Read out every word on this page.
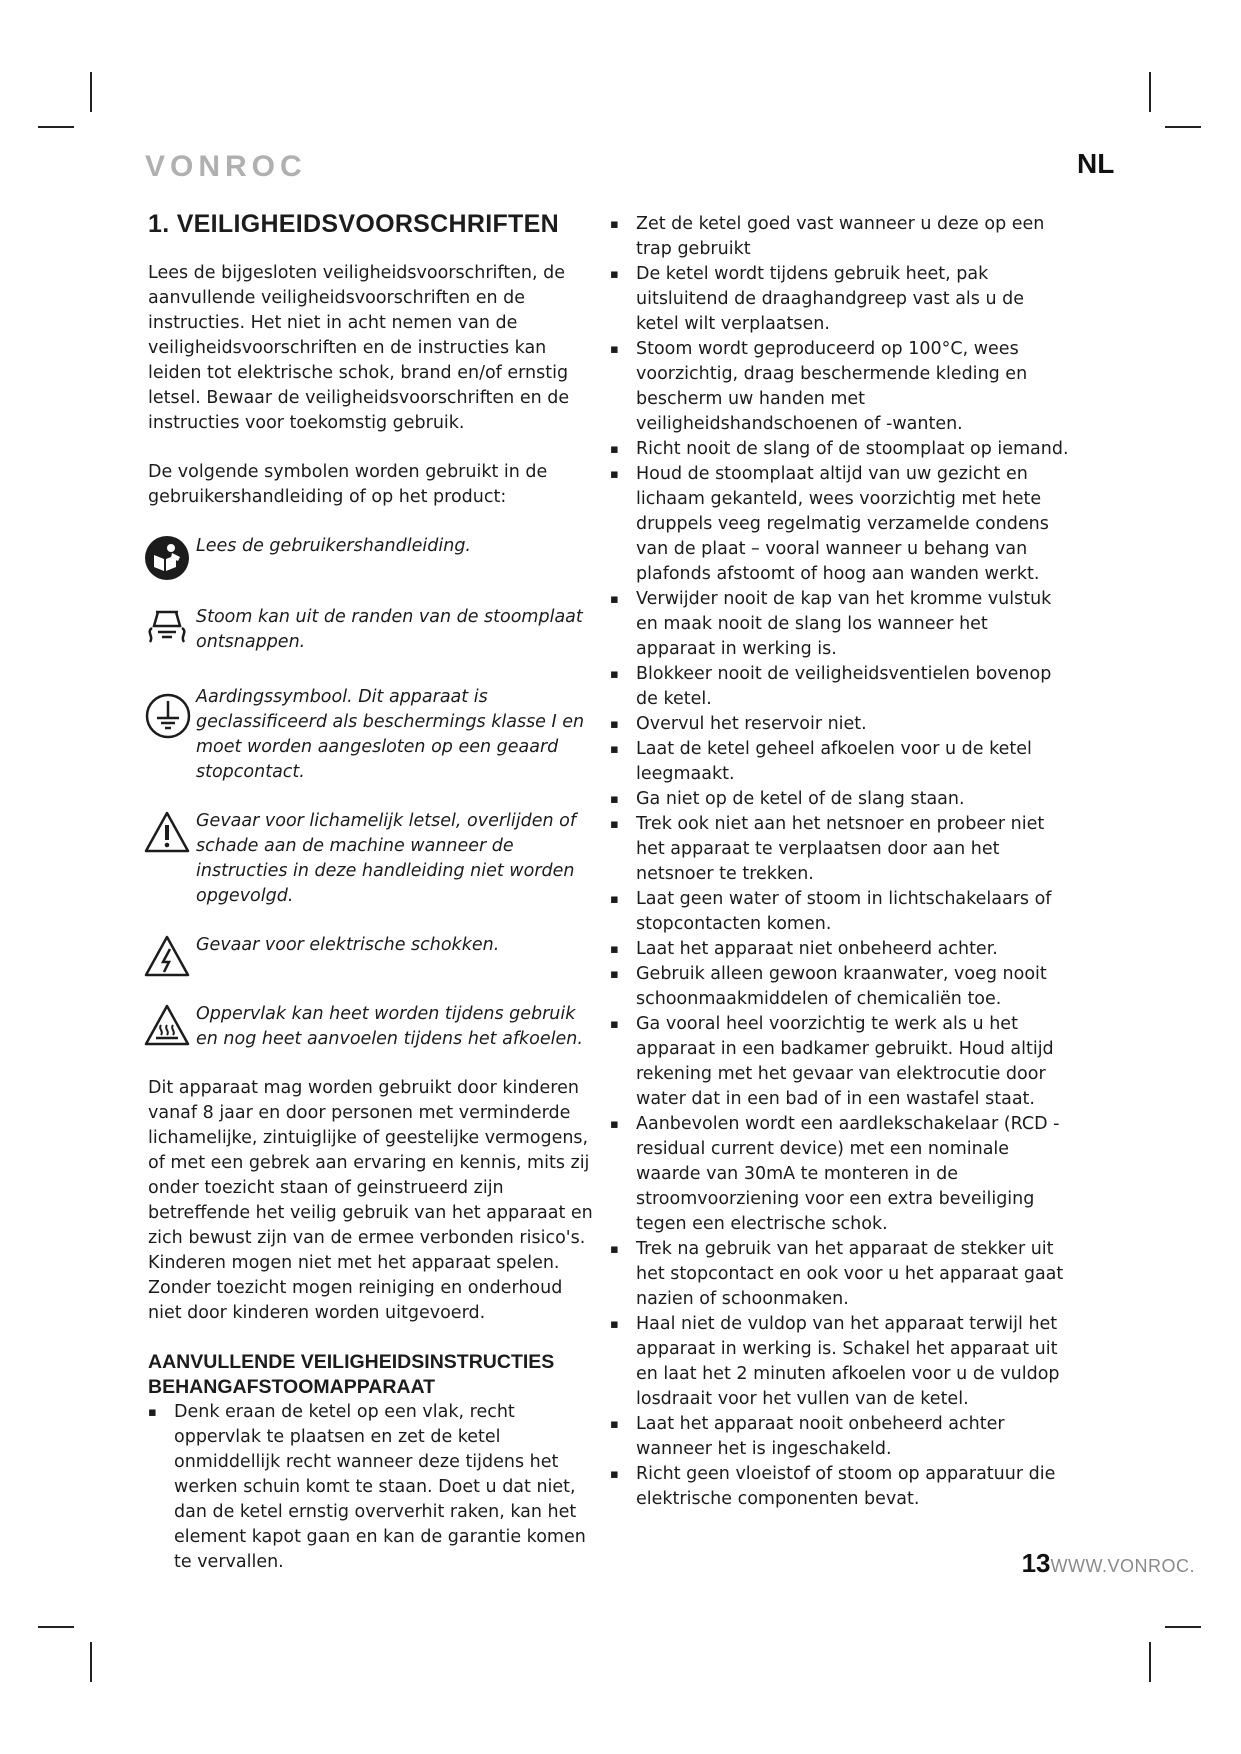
VONROC	NL
1. VEILIGHEIDSVOORSCHRIFTEN

Lees de bijgesloten veiligheidsvoorschriften, de aanvullende veiligheidsvoorschriften en de instructies. Het niet in acht nemen van de veiligheidsvoorschriften en de instructies kan leiden tot elektrische schok, brand en/of ernstig letsel. Bewaar de veiligheidsvoorschriften en de instructies voor toekomstig gebruik.

De volgende symbolen worden gebruikt in de gebruikershandleiding of op het product:

Lees de gebruikershandleiding.
Stoom kan uit de randen van de stoomplaat ontsnappen.
Aardingssymbool. Dit apparaat is geclassificeerd als beschermings klasse I en moet worden aangesloten op een geaard stopcontact.
Gevaar voor lichamelijk letsel, overlijden of schade aan de machine wanneer de instructies in deze handleiding niet worden opgevolgd.
Gevaar voor elektrische schokken.
Oppervlak kan heet worden tijdens gebruik en nog heet aanvoelen tijdens het afkoelen.

Dit apparaat mag worden gebruikt door kinderen vanaf 8 jaar en door personen met verminderde lichamelijke, zintuiglijke of geestelijke vermogens, of met een gebrek aan ervaring en kennis, mits zij onder toezicht staan of geinstrueerd zijn betreffende het veilig gebruik van het apparaat en zich bewust zijn van de ermee verbonden risico's. Kinderen mogen niet met het apparaat spelen. Zonder toezicht mogen reiniging en onderhoud niet door kinderen worden uitgevoerd.

AANVULLENDE VEILIGHEIDSINSTRUCTIES BEHANGAFSTOOMAPPARAAT
▪ Denk eraan de ketel op een vlak, recht oppervlak te plaatsen en zet de ketel onmiddellijk recht wanneer deze tijdens het werken schuin komt te staan. Doet u dat niet, dan de ketel ernstig oververhit raken, kan het element kapot gaan en kan de garantie komen te vervallen.
▪ Zet de ketel goed vast wanneer u deze op een trap gebruikt
▪ De ketel wordt tijdens gebruik heet, pak uitsluitend de draaghandgreep vast als u de ketel wilt verplaatsen.
▪ Stoom wordt geproduceerd op 100°C, wees voorzichtig, draag beschermende kleding en bescherm uw handen met veiligheidshandschoenen of -wanten.
▪ Richt nooit de slang of de stoomplaat op iemand.
▪ Houd de stoomplaat altijd van uw gezicht en lichaam gekanteld, wees voorzichtig met hete druppels veeg regelmatig verzamelde condens van de plaat – vooral wanneer u behang van plafonds afstoomt of hoog aan wanden werkt.
▪ Verwijder nooit de kap van het kromme vulstuk en maak nooit de slang los wanneer het apparaat in werking is.
▪ Blokkeer nooit de veiligheidsventielen bovenop de ketel.
▪ Overvul het reservoir niet.
▪ Laat de ketel geheel afkoelen voor u de ketel leegmaakt.
▪ Ga niet op de ketel of de slang staan.
▪ Trek ook niet aan het netsnoer en probeer niet het apparaat te verplaatsen door aan het netsnoer te trekken.
▪ Laat geen water of stoom in lichtschakelaars of stopcontacten komen.
▪ Laat het apparaat niet onbeheerd achter.
▪ Gebruik alleen gewoon kraanwater, voeg nooit schoonmaakmiddelen of chemicaliën toe.
▪ Ga vooral heel voorzichtig te werk als u het apparaat in een badkamer gebruikt. Houd altijd rekening met het gevaar van elektrocutie door water dat in een bad of in een wastafel staat.
▪ Aanbevolen wordt een aardlekschakelaar (RCD - residual current device) met een nominale waarde van 30mA te monteren in de stroomvoorziening voor een extra beveiliging tegen een electrische schok.
▪ Trek na gebruik van het apparaat de stekker uit het stopcontact en ook voor u het apparaat gaat nazien of schoonmaken.
▪ Haal niet de vuldop van het apparaat terwijl het apparaat in werking is. Schakel het apparaat uit en laat het 2 minuten afkoelen voor u de vuldop losdraait voor het vullen van de ketel.
▪ Laat het apparaat nooit onbeheerd achter wanneer het is ingeschakeld.
▪ Richt geen vloeistof of stoom op apparatuur die elektrische componenten bevat.
13WWW.VONROC.
